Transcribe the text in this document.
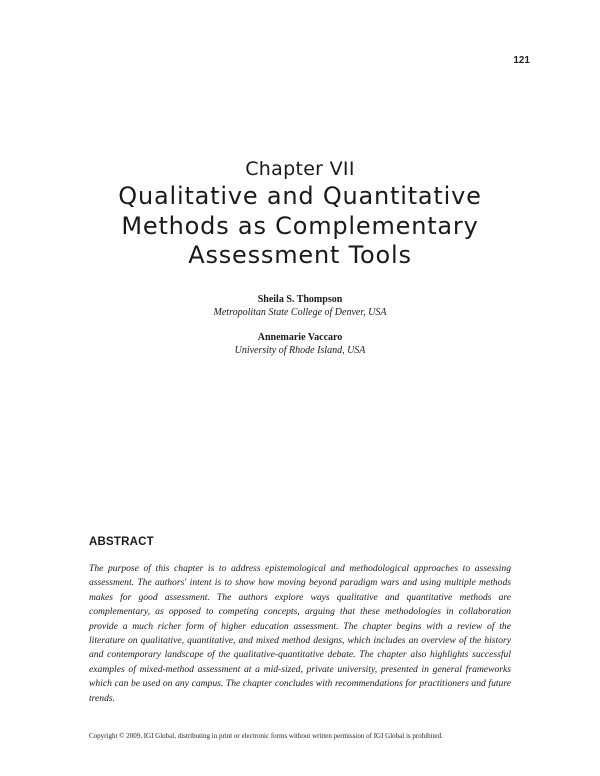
121
Chapter VII
Qualitative and Quantitative
Methods as Complementary
Assessment Tools
Sheila S. Thompson
Metropolitan State College of Denver, USA
Annemarie Vaccaro
University of Rhode Island, USA
ABSTRACT

The purpose of this chapter is to address epistemological and methodological approaches to assessing assessment. The authors' intent is to show how moving beyond paradigm wars and using multiple methods makes for good assessment. The authors explore ways qualitative and quantitative methods are complementary, as opposed to competing concepts, arguing that these methodologies in collaboration provide a much richer form of higher education assessment. The chapter begins with a review of the literature on qualitative, quantitative, and mixed method designs, which includes an overview of the history and contemporary landscape of the qualitative-quantitative debate. The chapter also highlights successful examples of mixed-method assessment at a mid-sized, private university, presented in general frameworks which can be used on any campus. The chapter concludes with recommendations for practitioners and future trends.

Copyright © 2009, IGI Global, distributing in print or electronic forms without written permission of IGI Global is prohibited.
